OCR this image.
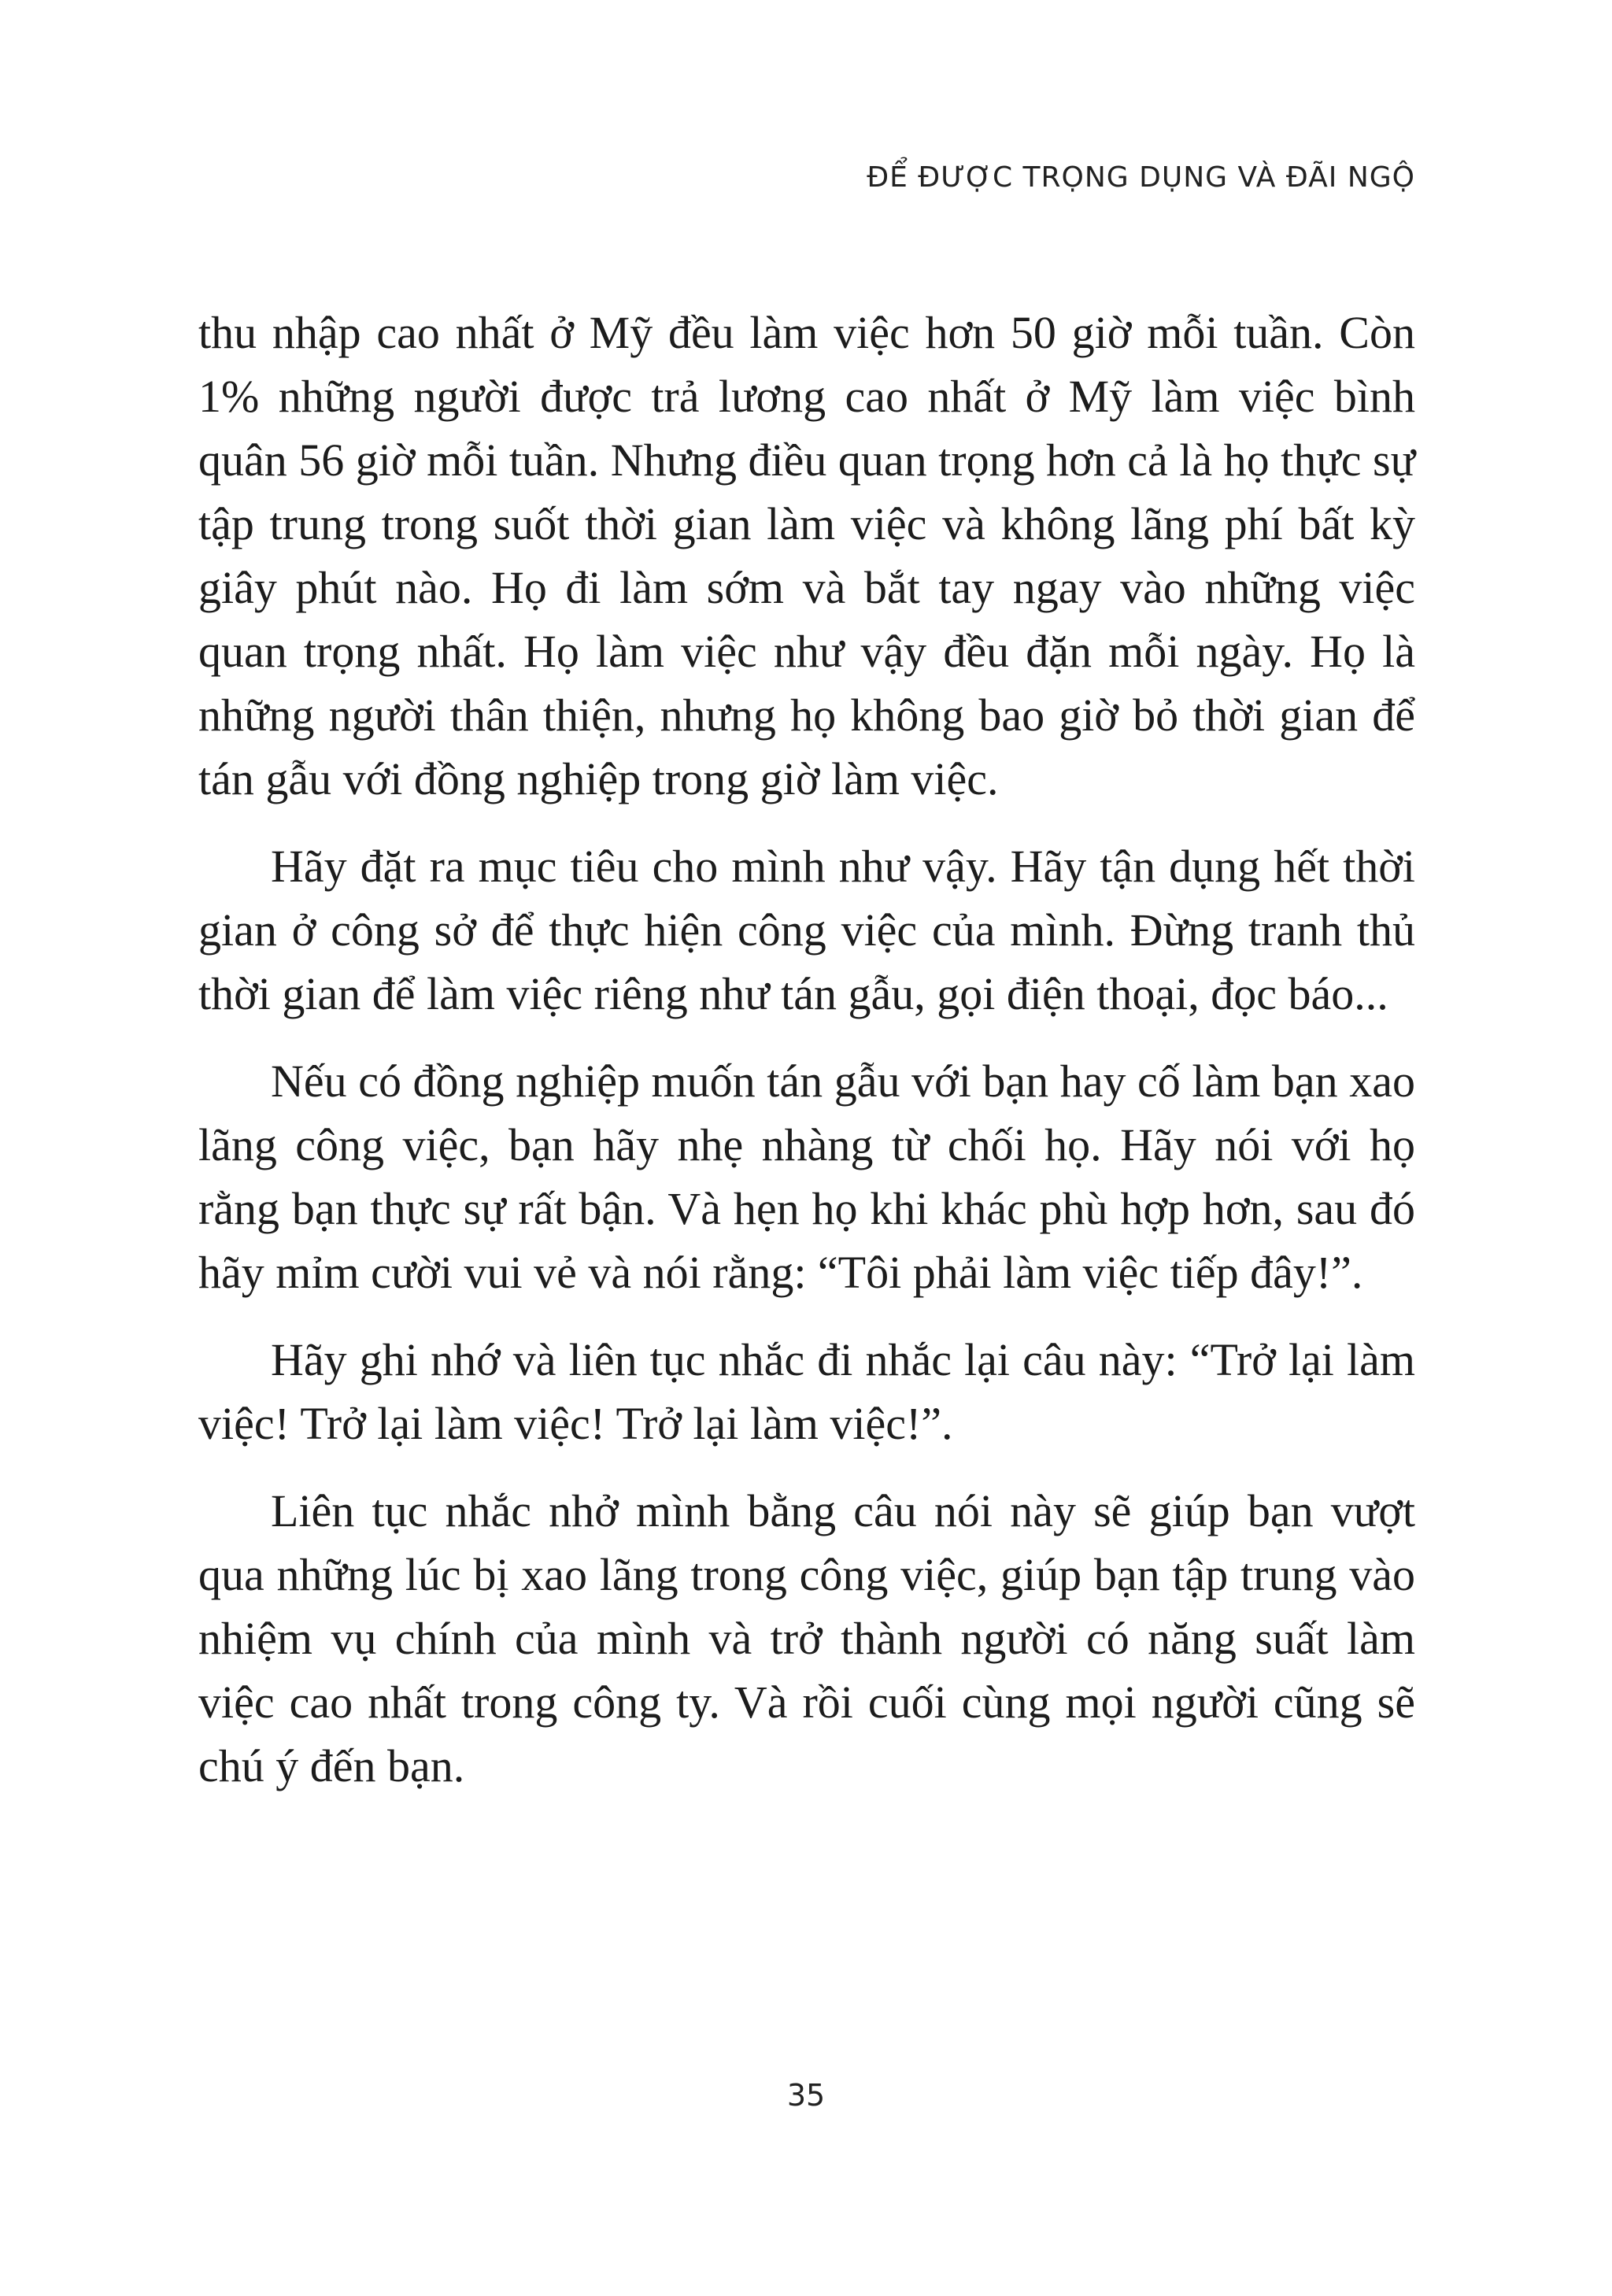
ĐỂ ĐƯỢC TRỌNG DỤNG VÀ ĐÃI NGỘ

thu nhập cao nhất ở Mỹ đều làm việc hơn 50 giờ mỗi tuần. Còn 1% những người được trả lương cao nhất ở Mỹ làm việc bình quân 56 giờ mỗi tuần. Nhưng điều quan trọng hơn cả là họ thực sự tập trung trong suốt thời gian làm việc và không lãng phí bất kỳ giây phút nào. Họ đi làm sớm và bắt tay ngay vào những việc quan trọng nhất. Họ làm việc như vậy đều đặn mỗi ngày. Họ là những người thân thiện, nhưng họ không bao giờ bỏ thời gian để tán gẫu với đồng nghiệp trong giờ làm việc.

Hãy đặt ra mục tiêu cho mình như vậy. Hãy tận dụng hết thời gian ở công sở để thực hiện công việc của mình. Đừng tranh thủ thời gian để làm việc riêng như tán gẫu, gọi điện thoại, đọc báo...

Nếu có đồng nghiệp muốn tán gẫu với bạn hay cố làm bạn xao lãng công việc, bạn hãy nhẹ nhàng từ chối họ. Hãy nói với họ rằng bạn thực sự rất bận. Và hẹn họ khi khác phù hợp hơn, sau đó hãy mỉm cười vui vẻ và nói rằng: “Tôi phải làm việc tiếp đây!”.

Hãy ghi nhớ và liên tục nhắc đi nhắc lại câu này: “Trở lại làm việc! Trở lại làm việc! Trở lại làm việc!”.

Liên tục nhắc nhở mình bằng câu nói này sẽ giúp bạn vượt qua những lúc bị xao lãng trong công việc, giúp bạn tập trung vào nhiệm vụ chính của mình và trở thành người có năng suất làm việc cao nhất trong công ty. Và rồi cuối cùng mọi người cũng sẽ chú ý đến bạn.

35
